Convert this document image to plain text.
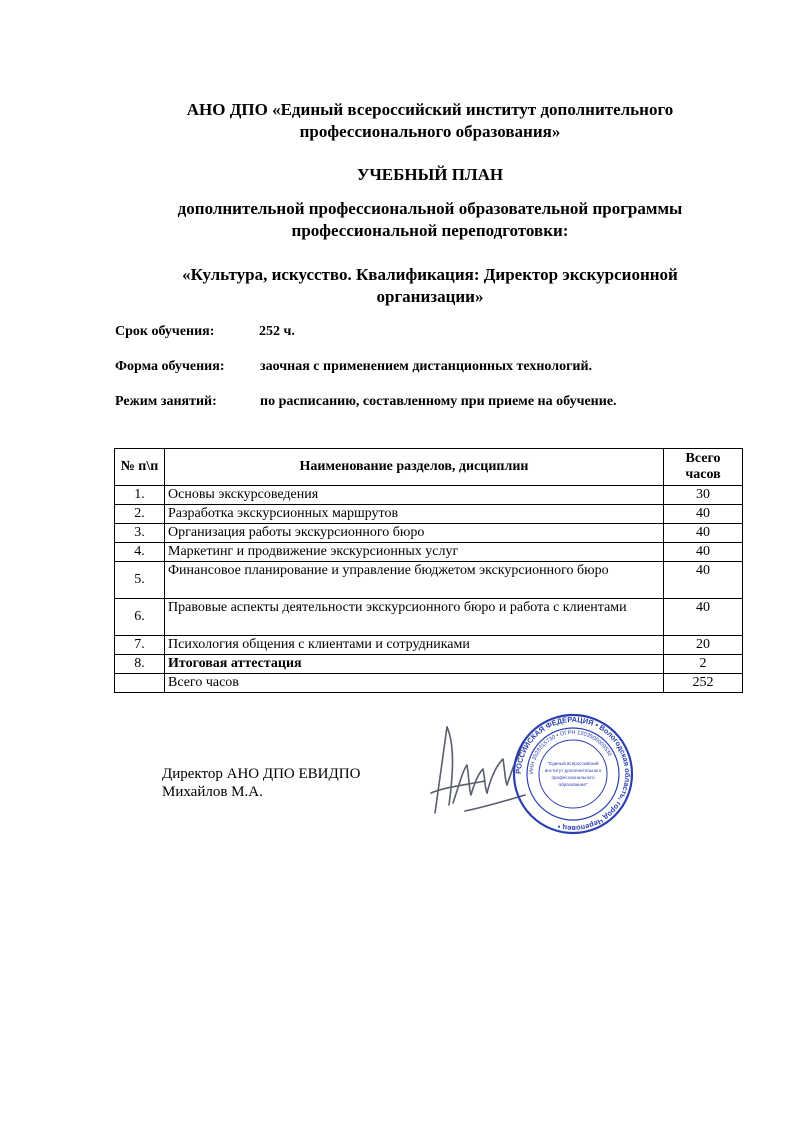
АНО ДПО «Единый всероссийский институт дополнительного
профессионального образования»
УЧЕБНЫЙ ПЛАН
дополнительной профессиональной образовательной программы
профессиональной переподготовки:
«Культура, искусство. Квалификация: Директор экскурсионной
организации»
Срок обучения:	252 ч.
Форма обучения:	заочная с применением дистанционных технологий.
Режим занятий:	по расписанию, составленному при приеме на обучение.
№ п\п	Наименование разделов, дисциплин	Всего
часов

1.	Основы экскурсоведения	30
2.	Разработка экскурсионных маршрутов	40
3.	Организация работы экскурсионного бюро	40
4.	Маркетинг и продвижение экскурсионных услуг	40
5.	Финансовое планирование и управление бюджетом экскурсионного бюро	40
6.	Правовые аспекты деятельности экскурсионного бюро и работа с клиентами	40
7.	Психология общения с клиентами и сотрудниками	20
8.	Итоговая аттестация	2
	Всего часов	252
Директор АНО ДПО ЕВИДПО
Михайлов М.А.
РОССИЙСКАЯ ФЕДЕРАЦИЯ • Вологодская область, город Череповец •
ИНН 3528315730 • ОГРН 1203500009536
"Единый всероссийский
институт дополнительного
профессионального
образования"
